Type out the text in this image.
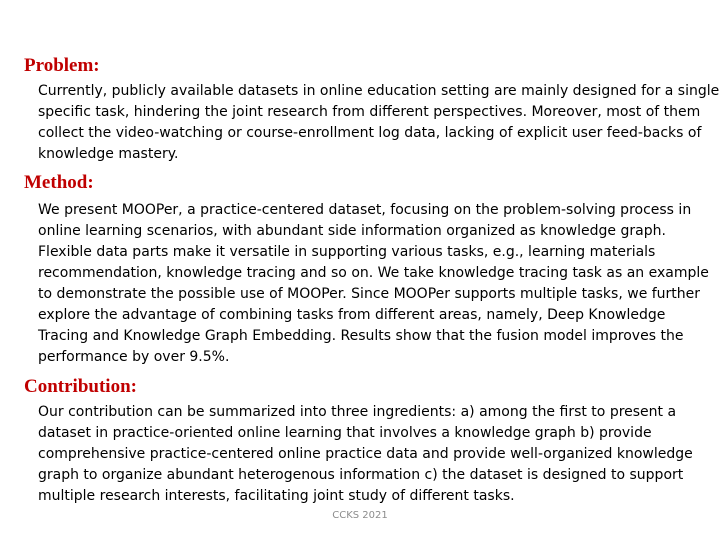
Problem:
Currently, publicly available datasets in online education setting are mainly designed for a single
specific task, hindering the joint research from different perspectives. Moreover, most of them
collect the video-watching or course-enrollment log data, lacking of explicit user feed-backs of
knowledge mastery.
Method:
We present MOOPer, a practice-centered dataset, focusing on the problem-solving process in
online learning scenarios, with abundant side information organized as knowledge graph.
Flexible data parts make it versatile in supporting various tasks, e.g., learning materials
recommendation, knowledge tracing and so on. We take knowledge tracing task as an example
to demonstrate the possible use of MOOPer. Since MOOPer supports multiple tasks, we further
explore the advantage of combining tasks from different areas, namely, Deep Knowledge
Tracing and Knowledge Graph Embedding. Results show that the fusion model improves the
performance by over 9.5%.
Contribution:
Our contribution can be summarized into three ingredients: a) among the first to present a
dataset in practice-oriented online learning that involves a knowledge graph b) provide
comprehensive practice-centered online practice data and provide well-organized knowledge
graph to organize abundant heterogenous information c) the dataset is designed to support
multiple research interests, facilitating joint study of different tasks.

CCKS 2021
